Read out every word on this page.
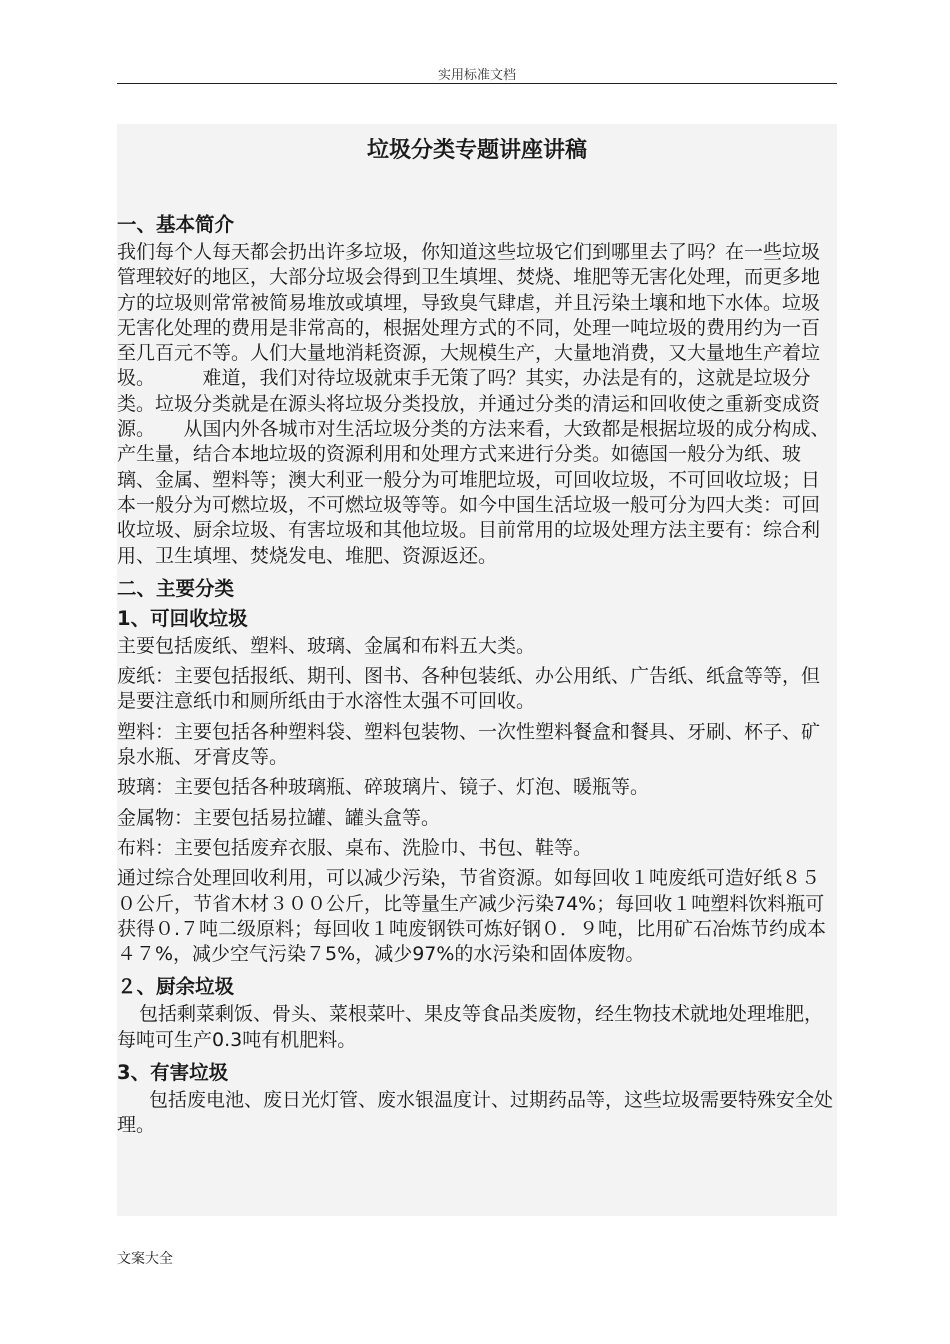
实用标准文档
垃圾分类专题讲座讲稿
一、基本简介

我们每个人每天都会扔出许多垃圾，你知道这些垃圾它们到哪里去了吗？在一些垃圾管理较好的地区，大部分垃圾会得到卫生填埋、焚烧、堆肥等无害化处理，而更多地方的垃圾则常常被简易堆放或填埋，导致臭气肆虐，并且污染土壤和地下水体。垃圾无害化处理的费用是非常高的，根据处理方式的不同，处理一吨垃圾的费用约为一百至几百元不等。人们大量地消耗资源，大规模生产，大量地消费，又大量地生产着垃圾。　　　难道，我们对待垃圾就束手无策了吗？其实，办法是有的，这就是垃圾分类。垃圾分类就是在源头将垃圾分类投放，并通过分类的清运和回收使之重新变成资源。　　从国内外各城市对生活垃圾分类的方法来看，大致都是根据垃圾的成分构成、产生量，结合本地垃圾的资源利用和处理方式来进行分类。如德国一般分为纸、玻璃、金属、塑料等；澳大利亚一般分为可堆肥垃圾，可回收垃圾，不可回收垃圾；日本一般分为可燃垃圾，不可燃垃圾等等。如今中国生活垃圾一般可分为四大类：可回收垃圾、厨余垃圾、有害垃圾和其他垃圾。目前常用的垃圾处理方法主要有：综合利用、卫生填埋、焚烧发电、堆肥、资源返还。

二、主要分类
1、可回收垃圾

主要包括废纸、塑料、玻璃、金属和布料五大类。

废纸：主要包括报纸、期刊、图书、各种包装纸、办公用纸、广告纸、纸盒等等，但是要注意纸巾和厕所纸由于水溶性太强不可回收。

塑料：主要包括各种塑料袋、塑料包装物、一次性塑料餐盒和餐具、牙刷、杯子、矿泉水瓶、牙膏皮等。

玻璃：主要包括各种玻璃瓶、碎玻璃片、镜子、灯泡、暖瓶等。

金属物：主要包括易拉罐、罐头盒等。

布料：主要包括废弃衣服、桌布、洗脸巾、书包、鞋等。

通过综合处理回收利用，可以减少污染，节省资源。如每回收１吨废纸可造好纸８５０公斤，节省木材３００公斤，比等量生产减少污染74%；每回收１吨塑料饮料瓶可获得０.７吨二级原料；每回收１吨废钢铁可炼好钢０．９吨，比用矿石冶炼节约成本４７%，减少空气污染７5%，减少97%的水污染和固体废物。

２、厨余垃圾

包括剩菜剩饭、骨头、菜根菜叶、果皮等食品类废物，经生物技术就地处理堆肥，每吨可生产0.3吨有机肥料。

3、有害垃圾

包括废电池、废日光灯管、废水银温度计、过期药品等，这些垃圾需要特殊安全处理。

文案大全
